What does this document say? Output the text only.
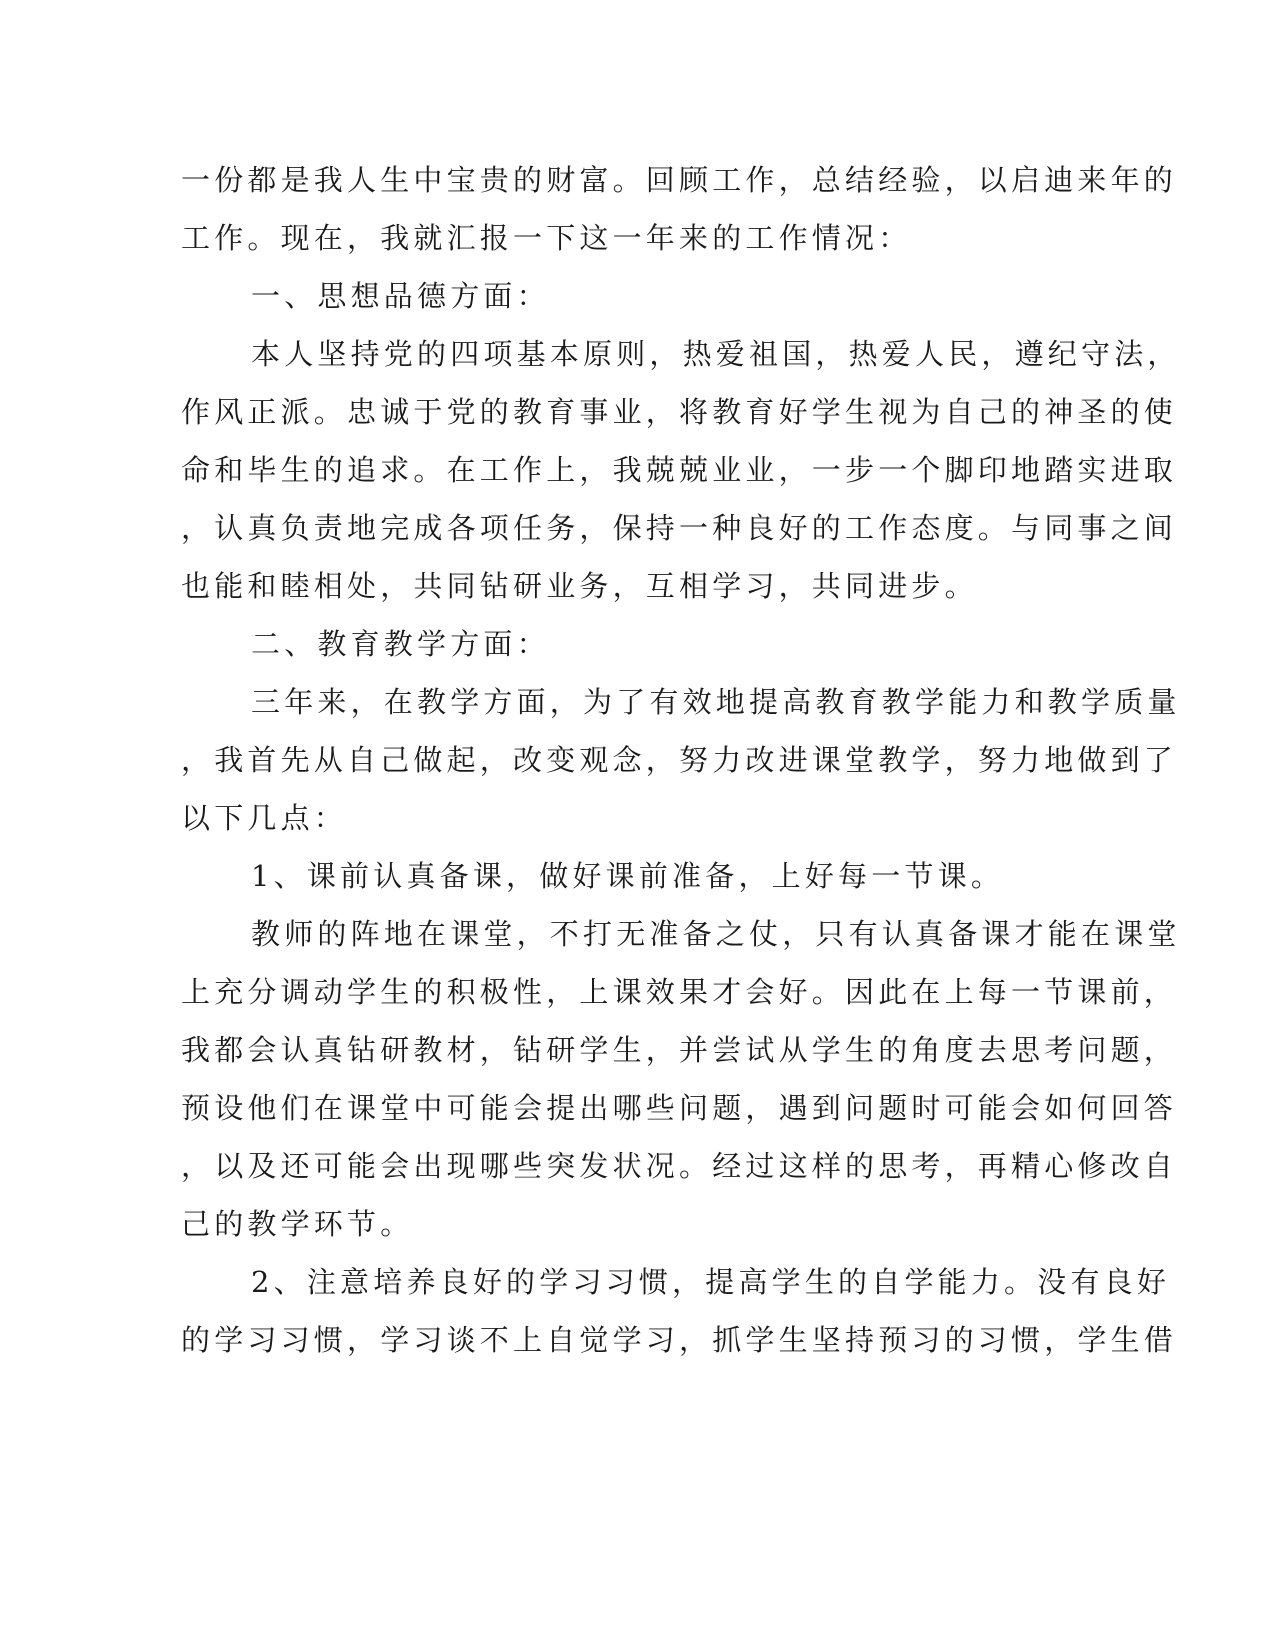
一份都是我人生中宝贵的财富。回顾工作，总结经验，以启迪来年的
工作。现在，我就汇报一下这一年来的工作情况：
一、思想品德方面：
本人坚持党的四项基本原则，热爱祖国，热爱人民，遵纪守法，
作风正派。忠诚于党的教育事业，将教育好学生视为自己的神圣的使
命和毕生的追求。在工作上，我兢兢业业，一步一个脚印地踏实进取
，认真负责地完成各项任务，保持一种良好的工作态度。与同事之间
也能和睦相处，共同钻研业务，互相学习，共同进步。
二、教育教学方面：
三年来，在教学方面，为了有效地提高教育教学能力和教学质量
，我首先从自己做起，改变观念，努力改进课堂教学，努力地做到了
以下几点：
1、课前认真备课，做好课前准备，上好每一节课。
教师的阵地在课堂，不打无准备之仗，只有认真备课才能在课堂
上充分调动学生的积极性，上课效果才会好。因此在上每一节课前，
我都会认真钻研教材，钻研学生，并尝试从学生的角度去思考问题，
预设他们在课堂中可能会提出哪些问题，遇到问题时可能会如何回答
，以及还可能会出现哪些突发状况。经过这样的思考，再精心修改自
己的教学环节。
2、注意培养良好的学习习惯，提高学生的自学能力。没有良好
的学习习惯，学习谈不上自觉学习，抓学生坚持预习的习惯，学生借
